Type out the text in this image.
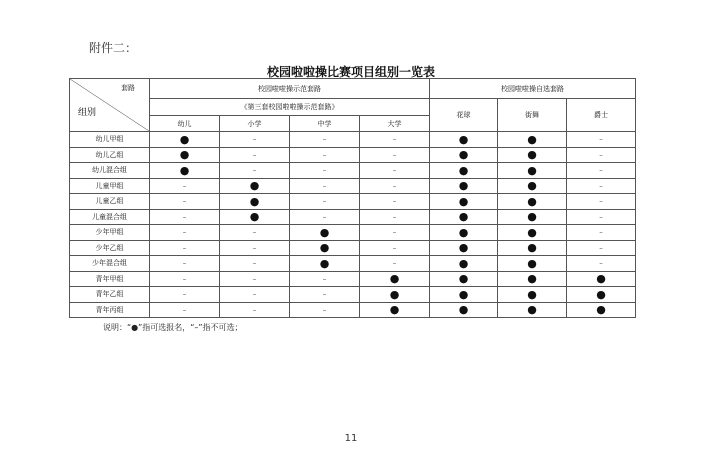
附件二：
校园啦啦操比赛项目组别一览表
套路
组别	校园啦啦操示范套路				校园啦啦操自选套路		
	《第三套校园啦啦操示范套路》				花球	街舞	爵士
	幼儿	小学	中学	大学			
幼儿甲组	●	–	–	–	●	●	–
幼儿乙组	●	–	–	–	●	●	–
幼儿混合组	●	–	–	–	●	●	–
儿童甲组	–	●	–	–	●	●	–
儿童乙组	–	●	–	–	●	●	–
儿童混合组	–	●	–	–	●	●	–
少年甲组	–	–	●	–	●	●	–
少年乙组	–	–	●	–	●	●	–
少年混合组	–	–	●	–	●	●	–
青年甲组	–	–	–	●	●	●	●
青年乙组	–	–	–	●	●	●	●
青年丙组	–	–	–	●	●	●	●
说明：“●”指可选报名，“–”指不可选；
11
